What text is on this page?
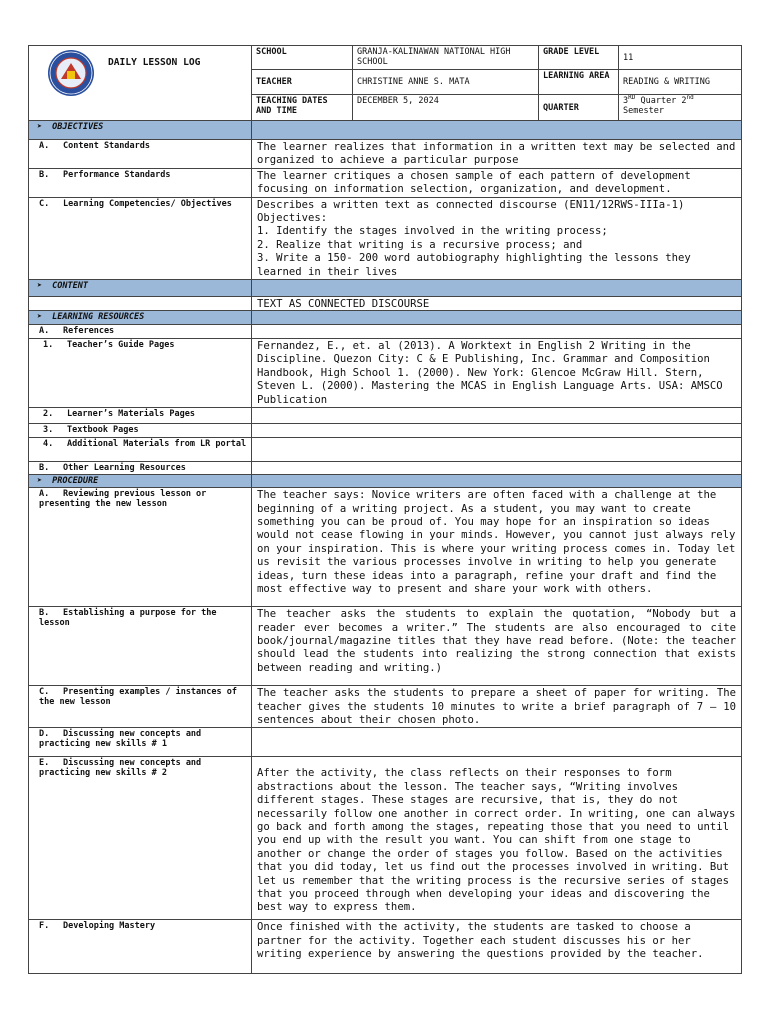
DAILY LESSON LOG	SCHOOL	GRANJA-KALINAWAN NATIONAL HIGH SCHOOL	GRADE LEVEL	11
	TEACHER	CHRISTINE ANNE S. MATA	LEARNING AREA	READING & WRITING
	TEACHING DATES AND TIME	DECEMBER 5, 2024	QUARTER	3RD Quarter 2nd
Semester
➤ OBJECTIVES				
A. Content Standards	The learner realizes that information in a written text may be selected and organized to achieve a particular purpose			
B. Performance Standards	The learner critiques a chosen sample of each pattern of development focusing on information selection, organization, and development.			
C. Learning Competencies/ Objectives	Describes a written text as connected discourse (EN11/12RWS-IIIa-1)
Objectives:
1. Identify the stages involved in the writing process;
2. Realize that writing is a recursive process; and
3. Write a 150- 200 word autobiography highlighting the lessons they learned in their lives			

➤ CONTENT				
	TEXT AS CONNECTED DISCOURSE			
➤ LEARNING RESOURCES				
A. References				
1. Teacher’s Guide Pages	Fernandez, E., et. al (2013). A Worktext in English 2 Writing in the Discipline. Quezon City: C & E Publishing, Inc. Grammar and Composition Handbook, High School 1. (2000). New York: Glencoe McGraw Hill. Stern, Steven L. (2000). Mastering the MCAS in English Language Arts. USA: AMSCO Publication			
2. Learner’s Materials Pages				
3. Textbook Pages				
4. Additional Materials from LR portal				
B. Other Learning Resources				
➤ PROCEDURE				
A. Reviewing previous lesson or presenting the new lesson	The teacher says: Novice writers are often faced with a challenge at the beginning of a writing project. As a student, you may want to create something you can be proud of. You may hope for an inspiration so ideas would not cease flowing in your minds. However, you cannot just always rely on your inspiration. This is where your writing process comes in. Today let us revisit the various processes involve in writing to help you generate ideas, turn these ideas into a paragraph, refine your draft and find the most effective way to present and share your work with others.			
B. Establishing a purpose for the lesson	The teacher asks the students to explain the quotation, “Nobody but a reader ever becomes a writer.” The students are also encouraged to cite book/journal/magazine titles that they have read before. (Note: the teacher should lead the students into realizing the strong connection that exists between reading and writing.)			
C. Presenting examples / instances of the new lesson	The teacher asks the students to prepare a sheet of paper for writing. The teacher gives the students 10 minutes to write a brief paragraph of 7 – 10 sentences about their chosen photo.			
D. Discussing new concepts and practicing new skills # 1				
E. Discussing new concepts and practicing new skills # 2	After the activity, the class reflects on their responses to form abstractions about the lesson. The teacher says, “Writing involves different stages. These stages are recursive, that is, they do not necessarily follow one another in correct order. In writing, one can always go back and forth among the stages, repeating those that you need to until you end up with the result you want. You can shift from one stage to another or change the order of stages you follow. Based on the activities that you did today, let us find out the processes involved in writing. But let us remember that the writing process is the recursive series of stages that you proceed through when developing your ideas and discovering the best way to express them.			
F. Developing Mastery	Once finished with the activity, the students are tasked to choose a partner for the activity. Together each student discusses his or her writing experience by answering the questions provided by the teacher.			
